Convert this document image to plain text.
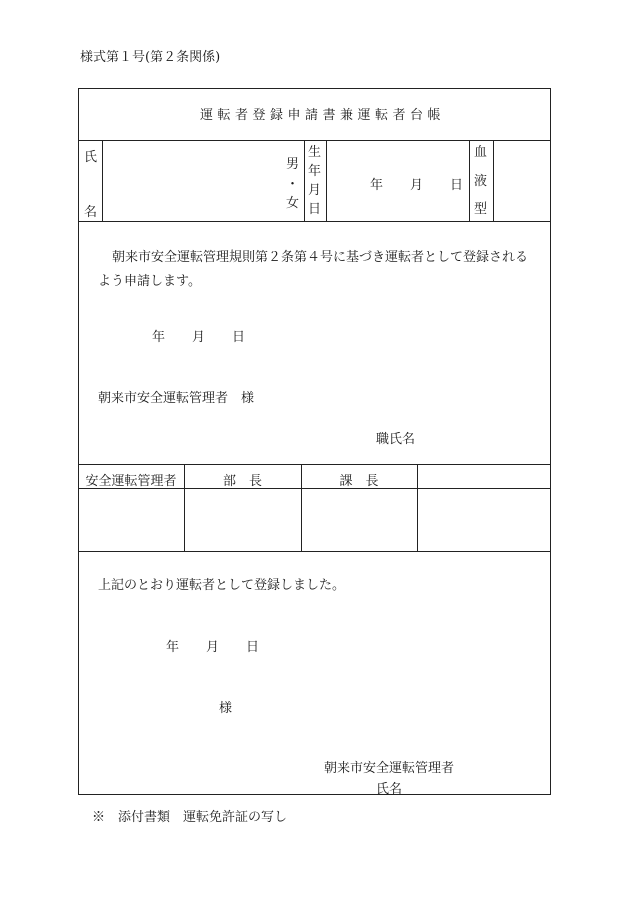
様式第１号(第２条関係)
運転者登録申請書兼運転者台帳
氏
名
男
・
女
生
年
月
日
年 月 日
血
液
型
朝来市安全運転管理規則第２条第４号に基づき運転者として登録されるよう申請します。
年 月 日
朝来市安全運転管理者　様
職氏名
安全運転管理者	部　長	課　長
上記のとおり運転者として登録しました。
年 月 日
様
朝来市安全運転管理者
氏名
※　添付書類　運転免許証の写し
